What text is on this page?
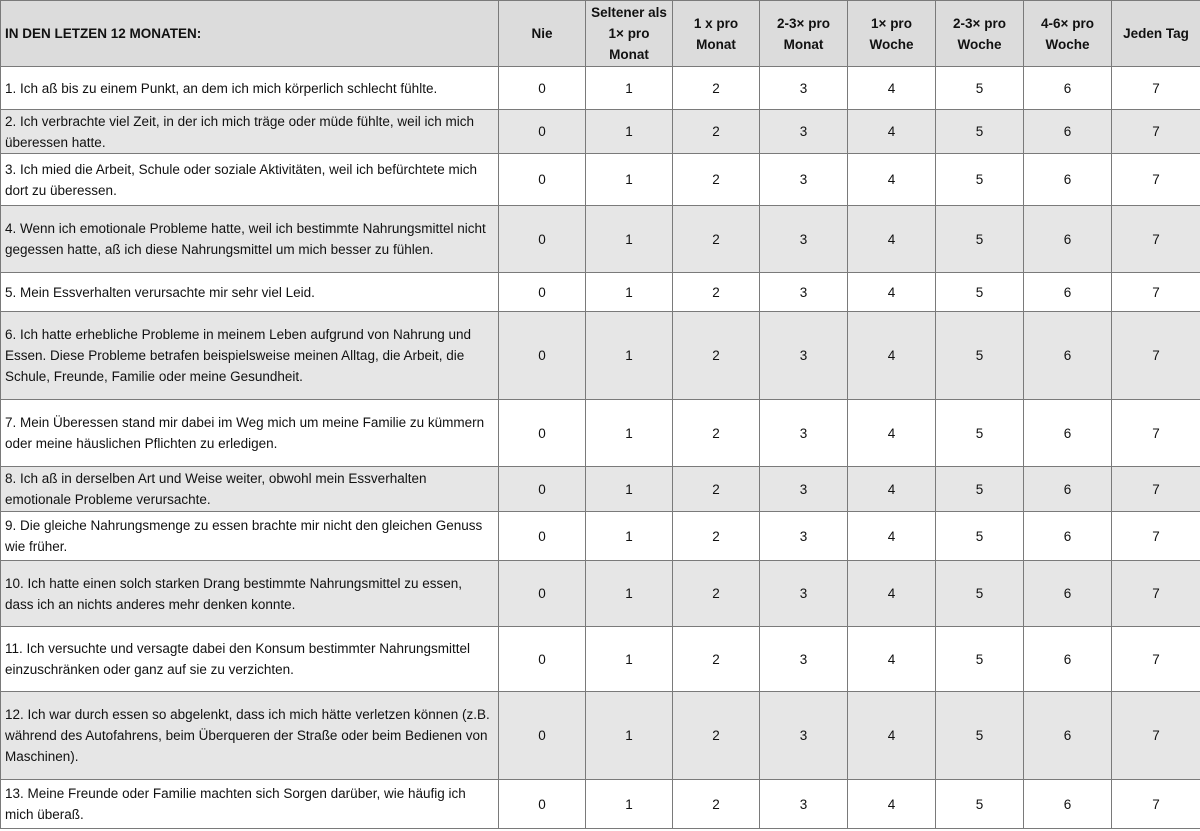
IN DEN LETZEN 12 MONATEN:	Nie	Seltener als 1× pro Monat	1 x pro Monat	2-3× pro Monat	1× pro Woche	2-3× pro Woche	4-6× pro Woche	Jeden Tag
1. Ich aß bis zu einem Punkt, an dem ich mich körperlich schlecht fühlte.	0	1	2	3	4	5	6	7
2. Ich verbrachte viel Zeit, in der ich mich träge oder müde fühlte, weil ich mich überessen hatte.	0	1	2	3	4	5	6	7
3. Ich mied die Arbeit, Schule oder soziale Aktivitäten, weil ich befürchtete mich dort zu überessen.	0	1	2	3	4	5	6	7
4. Wenn ich emotionale Probleme hatte, weil ich bestimmte Nahrungsmittel nicht gegessen hatte, aß ich diese Nahrungsmittel um mich besser zu fühlen.	0	1	2	3	4	5	6	7
5. Mein Essverhalten verursachte mir sehr viel Leid.	0	1	2	3	4	5	6	7
6. Ich hatte erhebliche Probleme in meinem Leben aufgrund von Nahrung und Essen. Diese Probleme betrafen beispielsweise meinen Alltag, die Arbeit, die Schule, Freunde, Familie oder meine Gesundheit.	0	1	2	3	4	5	6	7
7. Mein Überessen stand mir dabei im Weg mich um meine Familie zu kümmern oder meine häuslichen Pflichten zu erledigen.	0	1	2	3	4	5	6	7
8. Ich aß in derselben Art und Weise weiter, obwohl mein Essverhalten emotionale Probleme verursachte.	0	1	2	3	4	5	6	7
9. Die gleiche Nahrungsmenge zu essen brachte mir nicht den gleichen Genuss wie früher.	0	1	2	3	4	5	6	7
10. Ich hatte einen solch starken Drang bestimmte Nahrungsmittel zu essen, dass ich an nichts anderes mehr denken konnte.	0	1	2	3	4	5	6	7
11. Ich versuchte und versagte dabei den Konsum bestimmter Nahrungsmittel einzuschränken oder ganz auf sie zu verzichten.	0	1	2	3	4	5	6	7
12. Ich war durch essen so abgelenkt, dass ich mich hätte verletzen können (z.B. während des Autofahrens, beim Überqueren der Straße oder beim Bedienen von Maschinen).	0	1	2	3	4	5	6	7
13. Meine Freunde oder Familie machten sich Sorgen darüber, wie häufig ich mich überaß.	0	1	2	3	4	5	6	7
